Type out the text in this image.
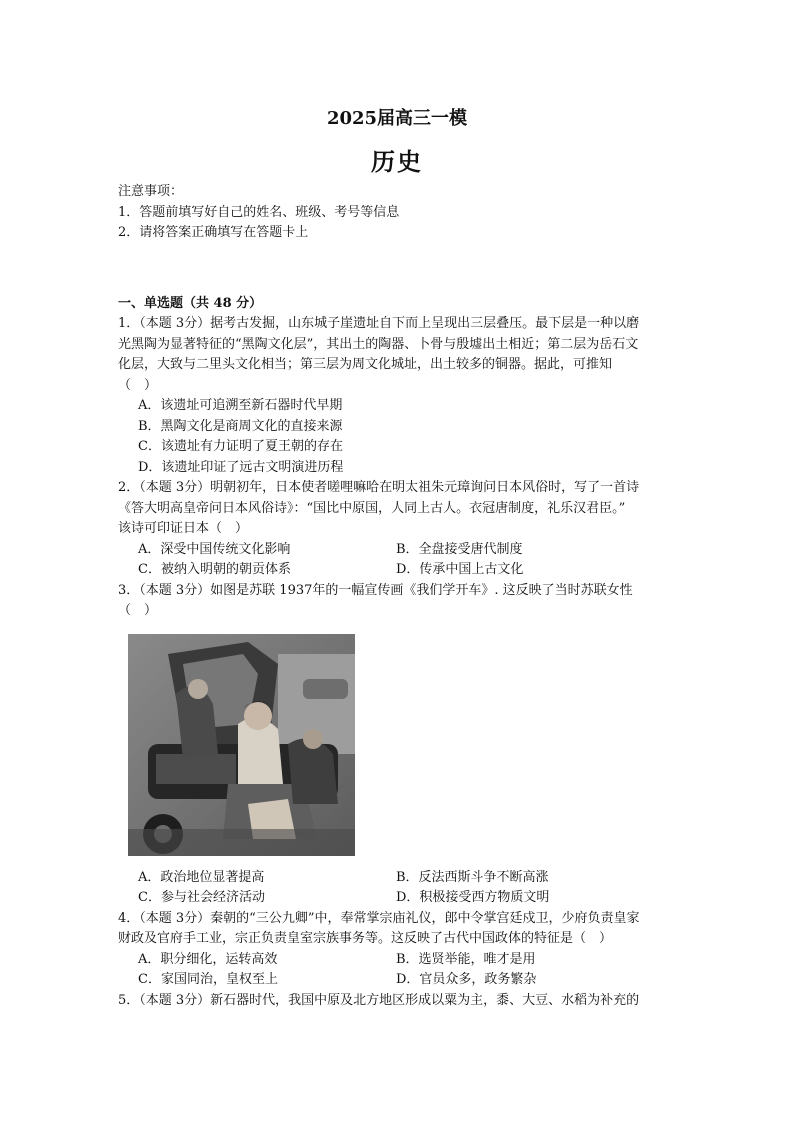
2025届高三一模
历史
注意事项：
1．答题前填写好自己的姓名、班级、考号等信息
2．请将答案正确填写在答题卡上
一、单选题（共 48 分）
1．（本题 3分）据考古发掘，山东城子崖遗址自下而上呈现出三层叠压。最下层是一种以磨
光黑陶为显著特征的“黑陶文化层”，其出土的陶器、卜骨与殷墟出土相近；第二层为岳石文
化层，大致与二里头文化相当；第三层为周文化城址，出土较多的铜器。据此，可推知
（　）
A．该遗址可追溯至新石器时代早期
B．黑陶文化是商周文化的直接来源
C．该遗址有力证明了夏王朝的存在
D．该遗址印证了远古文明演进历程
2．（本题 3分）明朝初年，日本使者嗟哩嘛哈在明太祖朱元璋询问日本风俗时，写了一首诗
《答大明高皇帝问日本风俗诗》：“国比中原国，人同上古人。衣冠唐制度，礼乐汉君臣。”
该诗可印证日本（　）
A．深受中国传统文化影响	B．全盘接受唐代制度
C．被纳入明朝的朝贡体系	D．传承中国上古文化
3．（本题 3分）如图是苏联 1937年的一幅宣传画《我们学开车》. 这反映了当时苏联女性
（　）
A．政治地位显著提高	B．反法西斯斗争不断高涨
C．参与社会经济活动	D．积极接受西方物质文明
4．（本题 3分）秦朝的“三公九卿”中，奉常掌宗庙礼仪，郎中令掌宫廷戍卫，少府负责皇家
财政及官府手工业，宗正负责皇室宗族事务等。这反映了古代中国政体的特征是（　）
A．职分细化，运转高效	B．选贤举能，唯才是用
C．家国同治，皇权至上	D．官员众多，政务繁杂
5．（本题 3分）新石器时代，我国中原及北方地区形成以粟为主，黍、大豆、水稻为补充的
